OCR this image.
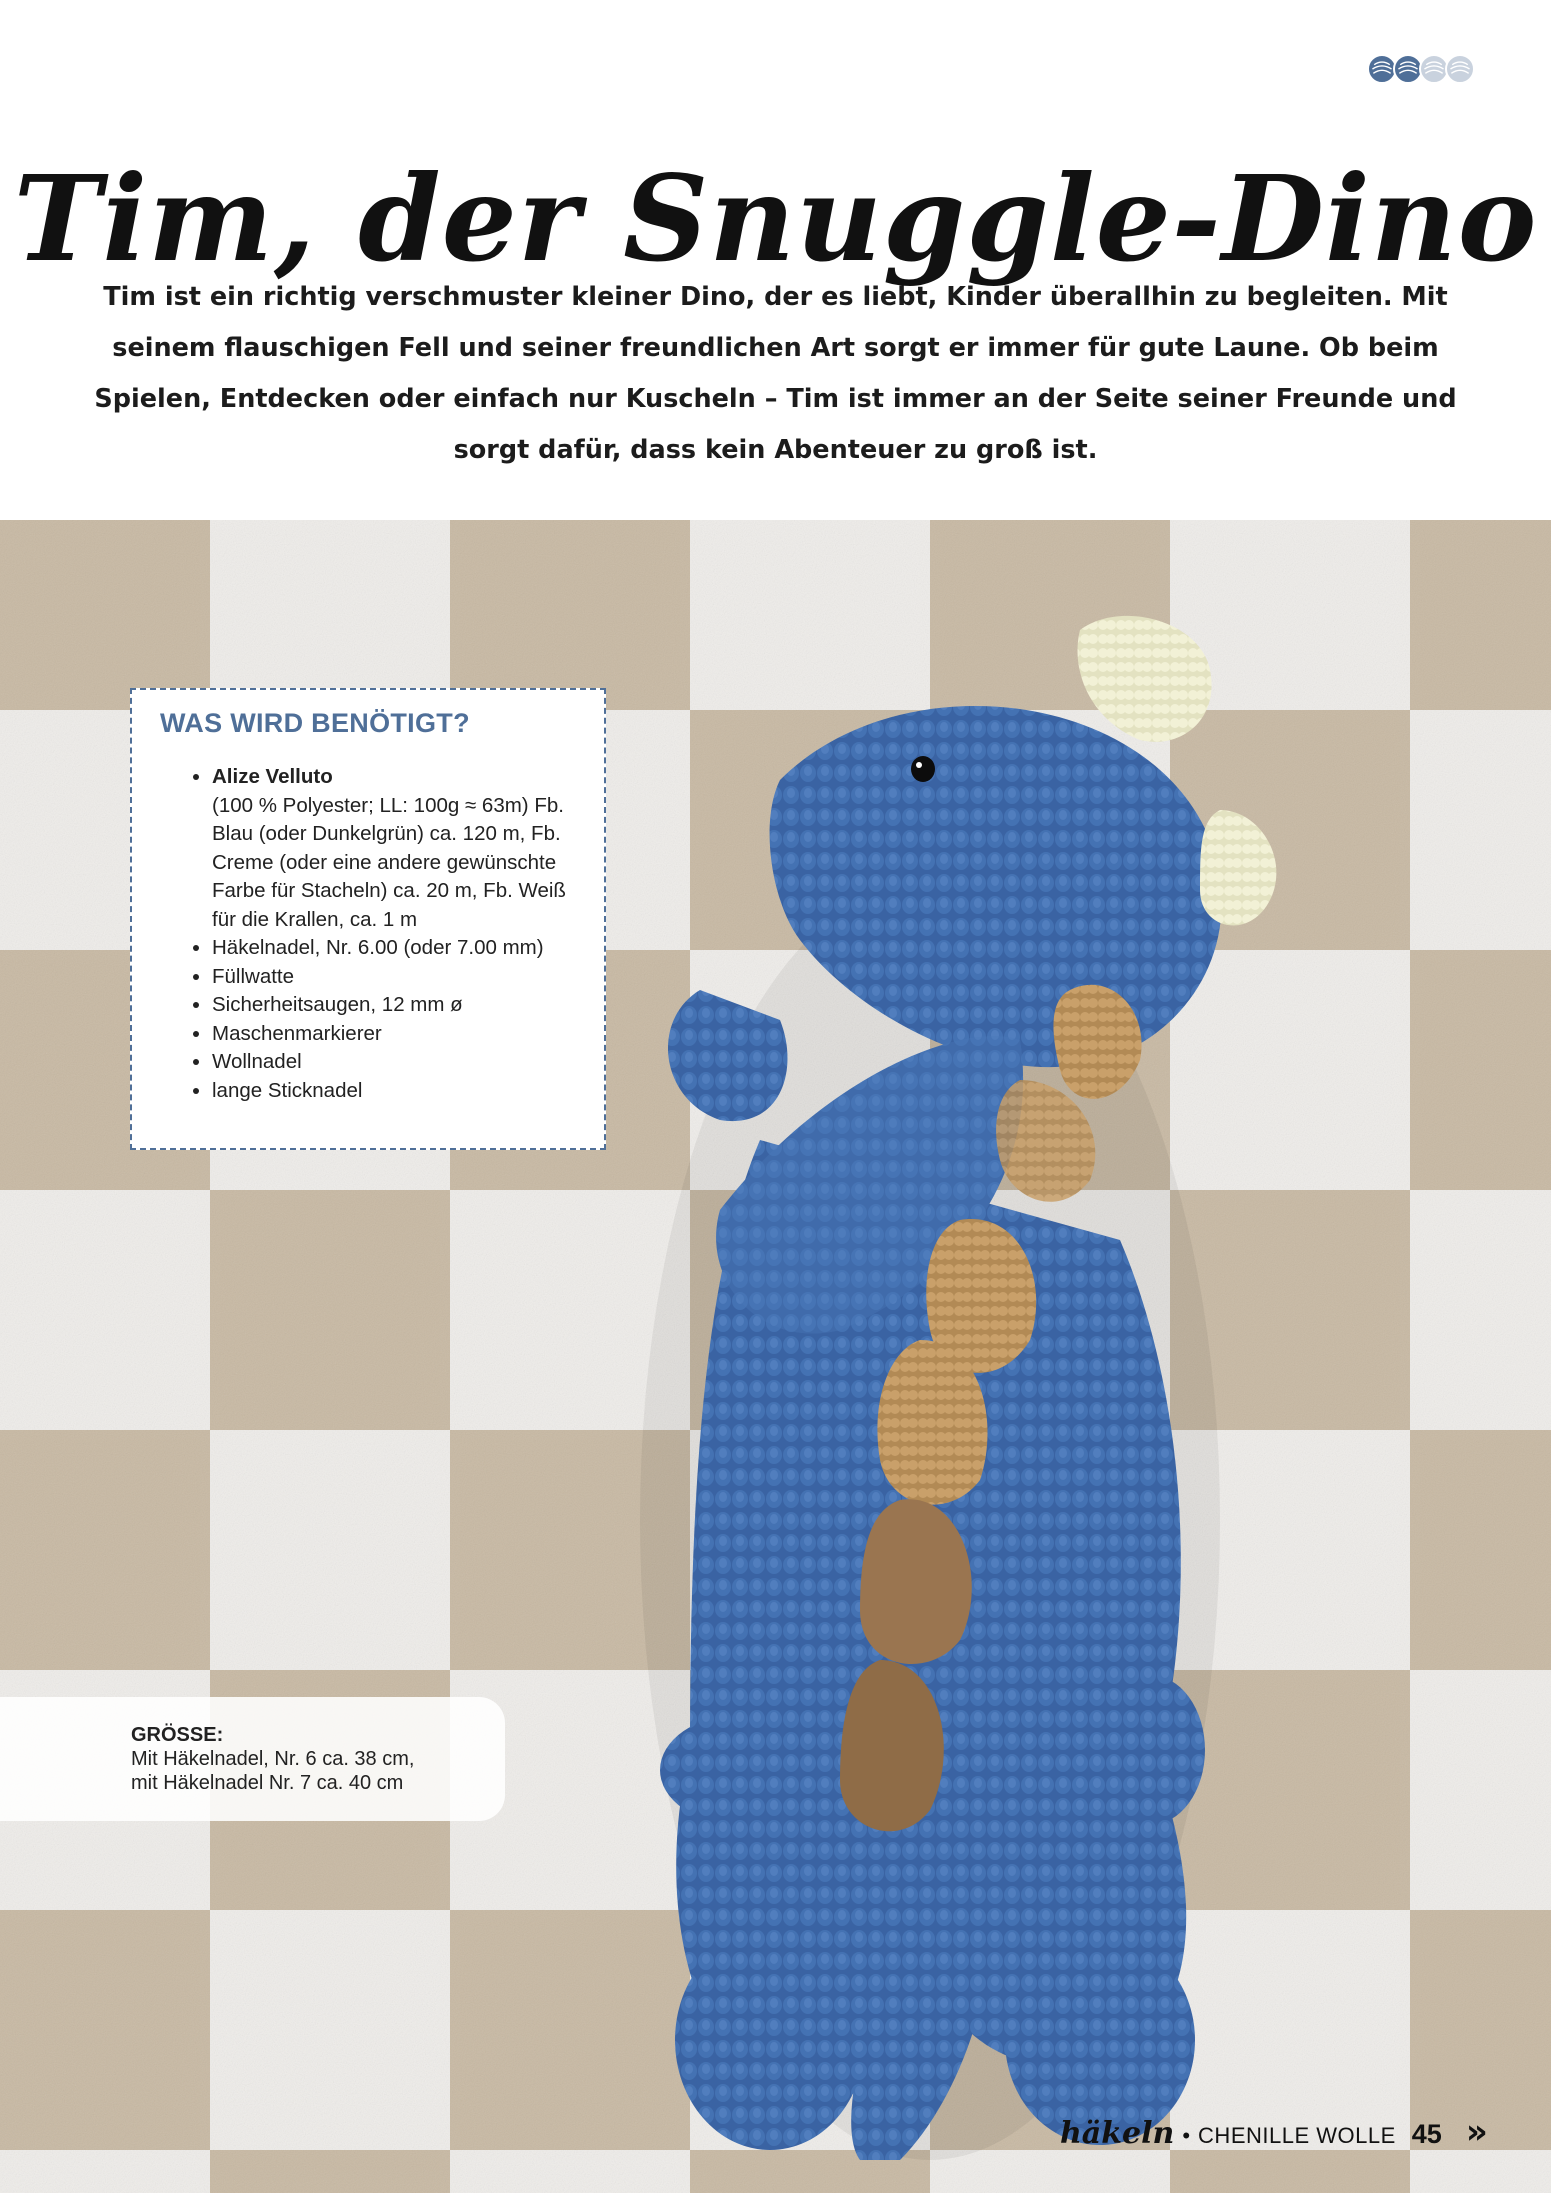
Tim, der Snuggle-Dino

Tim ist ein richtig verschmuster kleiner Dino, der es liebt, Kinder überallhin zu begleiten. Mit seinem flauschigen Fell und seiner freundlichen Art sorgt er immer für gute Laune. Ob beim Spielen, Entdecken oder einfach nur Kuscheln – Tim ist immer an der Seite seiner Freunde und sorgt dafür, dass kein Abenteuer zu groß ist.

WAS WIRD BENÖTIGT?
• Alize Velluto
(100 % Polyester; LL: 100g ≈ 63m) Fb. Blau (oder Dunkelgrün) ca. 120 m, Fb. Creme (oder eine andere gewünschte Farbe für Stacheln) ca. 20 m, Fb. Weiß für die Krallen, ca. 1 m
• Häkelnadel, Nr. 6.00 (oder 7.00 mm)
• Füllwatte
• Sicherheitsaugen, 12 mm ø
• Maschenmarkierer
• Wollnadel
• lange Sticknadel
GRÖSSE:
Mit Häkelnadel, Nr. 6 ca. 38 cm,
mit Häkelnadel Nr. 7 ca. 40 cm
häkeln • CHENILLE WOLLE 45 »
